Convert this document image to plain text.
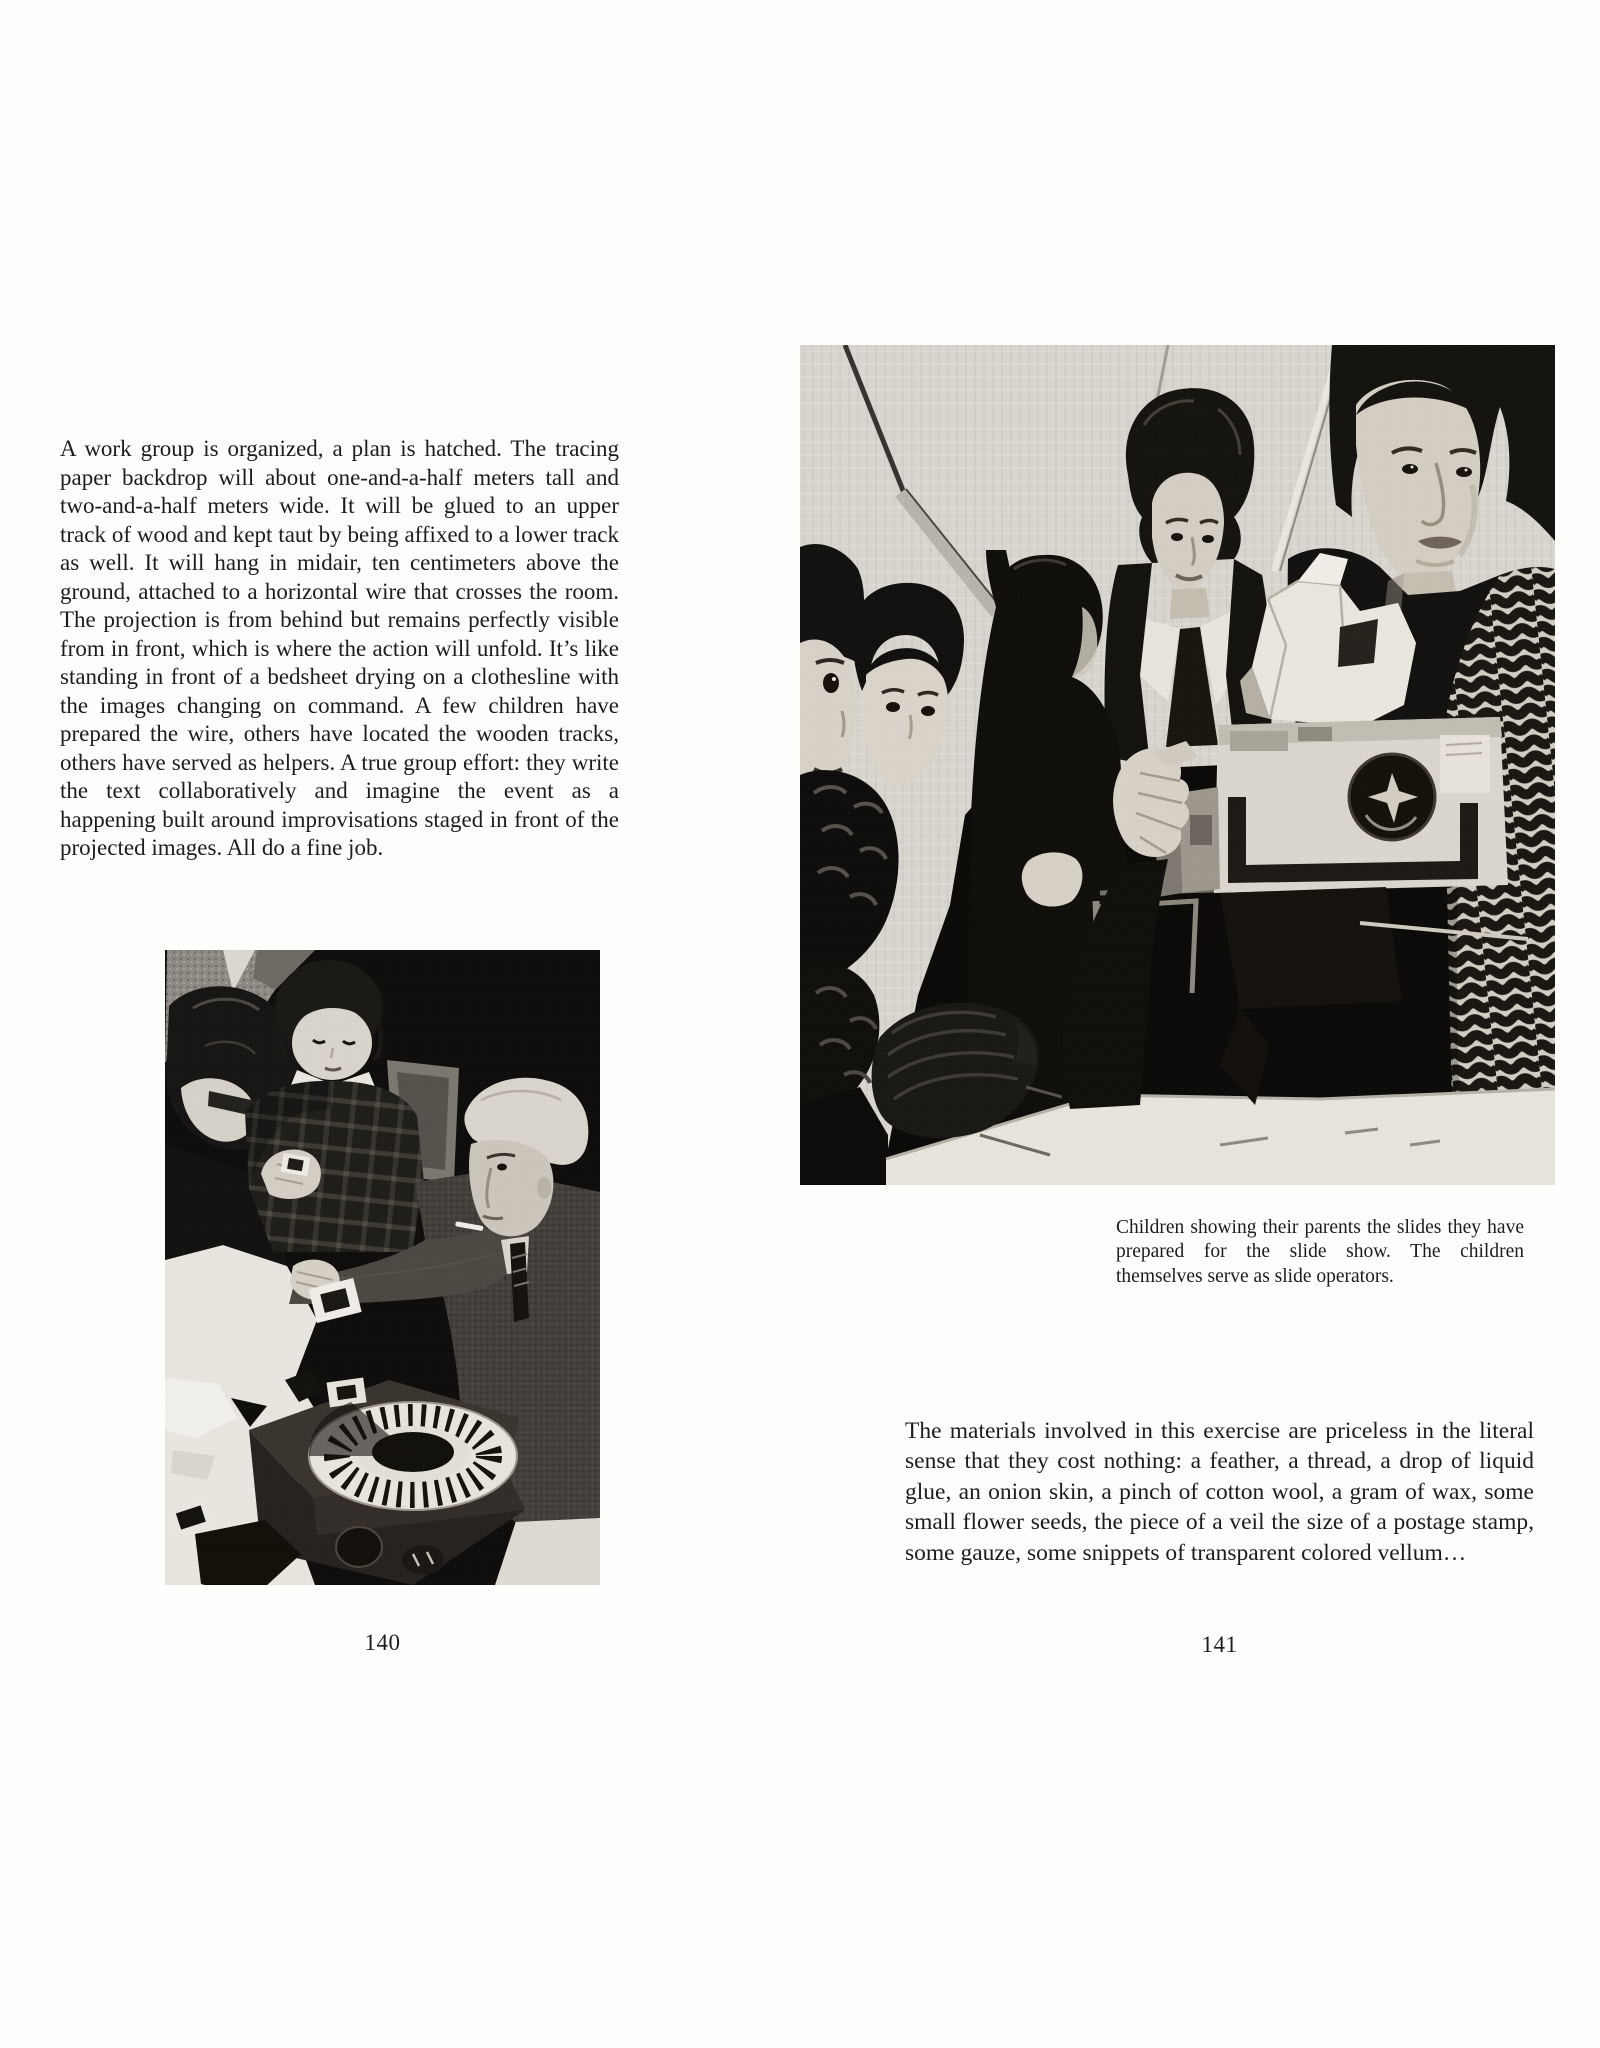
A work group is organized, a plan is hatched. The tracing paper backdrop will about one-and-a-half meters tall and two-and-a-half meters wide. It will be glued to an upper track of wood and kept taut by being affixed to a lower track as well. It will hang in midair, ten centimeters above the ground, attached to a horizontal wire that crosses the room. The projection is from behind but remains perfectly visible from in front, which is where the action will unfold. It’s like standing in front of a bedsheet drying on a clothesline with the images changing on command. A few children have prepared the wire, others have located the wooden tracks, others have served as helpers. A true group effort: they write the text collaboratively and imagine the event as a happening built around improvisations staged in front of the projected images. All do a fine job.

140

Children showing their parents the slides they have prepared for the slide show. The children themselves serve as slide operators.

The materials involved in this exercise are priceless in the literal sense that they cost nothing: a feather, a thread, a drop of liquid glue, an onion skin, a pinch of cotton wool, a gram of wax, some small flower seeds, the piece of a veil the size of a postage stamp, some gauze, some snippets of transparent colored vellum…

141
